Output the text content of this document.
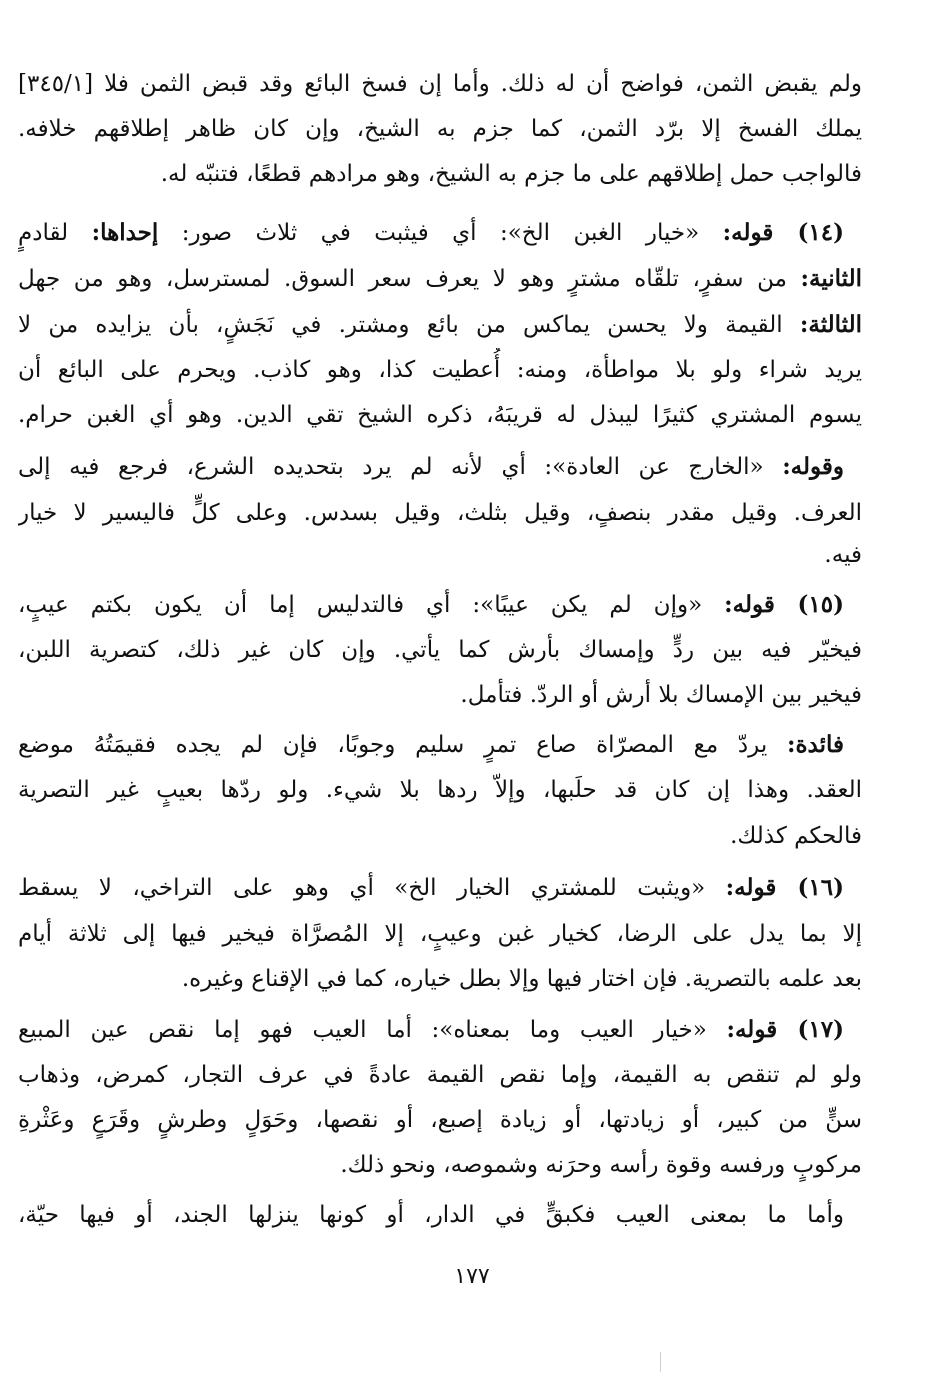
ولم يقبض الثمن، فواضح أن له ذلك. وأما إن فسخ البائع وقد قبض الثمن فلا [٣٤٥/١]
يملك الفسخ إلا برّد الثمن، كما جزم به الشيخ، وإن كان ظاهر إطلاقهم خلافه.
فالواجب حمل إطلاقهم على ما جزم به الشيخ، وهو مرادهم قطعًا، فتنبّه له.
(١٤) قوله: «خيار الغبن الخ»: أي فيثبت في ثلاث صور: إحداها: لقادمٍ
الثانية: من سفرٍ، تلقّاه مشترٍ وهو لا يعرف سعر السوق. لمسترسل، وهو من جهل
الثالثة: القيمة ولا يحسن يماكس من بائع ومشتر. في نَجَشٍ، بأن يزايده من لا
يريد شراء ولو بلا مواطأة، ومنه: أُعطيت كذا، وهو كاذب. ويحرم على البائع أن
يسوم المشتري كثيرًا ليبذل له قريبَهُ، ذكره الشيخ تقي الدين. وهو أي الغبن حرام.
وقوله: «الخارج عن العادة»: أي لأنه لم يرد بتحديده الشرع، فرجع فيه إلى
العرف. وقيل مقدر بنصفٍ، وقيل بثلث، وقيل بسدس. وعلى كلٍّ فاليسير لا خيار
فيه.
(١٥) قوله: «وإن لم يكن عيبًا»: أي فالتدليس إما أن يكون بكتم عيبٍ،
فيخيّر فيه بين ردٍّ وإمساك بأرش كما يأتي. وإن كان غير ذلك، كتصرية اللبن،
فيخير بين الإمساك بلا أرش أو الردّ. فتأمل.
فائدة: يردّ مع المصرّاة صاع تمرٍ سليم وجوبًا، فإن لم يجده فقيمَتُهُ موضع
العقد. وهذا إن كان قد حلَبها، وإلاّ ردها بلا شيء. ولو ردّها بعيبٍ غير التصرية
فالحكم كذلك.
(١٦) قوله: «ويثبت للمشتري الخيار الخ» أي وهو على التراخي، لا يسقط
إلا بما يدل على الرضا، كخيار غبن وعيبٍ، إلا المُصرَّاة فيخير فيها إلى ثلاثة أيام
بعد علمه بالتصرية. فإن اختار فيها وإلا بطل خياره، كما في الإقناع وغيره.
(١٧) قوله: «خيار العيب وما بمعناه»: أما العيب فهو إما نقص عين المبيع
ولو لم تنقص به القيمة، وإما نقص القيمة عادةً في عرف التجار، كمرض، وذهاب
سنٍّ من كبير، أو زيادتها، أو زيادة إصبع، أو نقصها، وحَوَلٍ وطرشٍ وقَرَعٍ وعَثْرةِ
مركوبٍ ورفسه وقوة رأسه وحرَنه وشموصه، ونحو ذلك.
وأما ما بمعنى العيب فكبقٍّ في الدار، أو كونها ينزلها الجند، أو فيها حيّة،
١٧٧
